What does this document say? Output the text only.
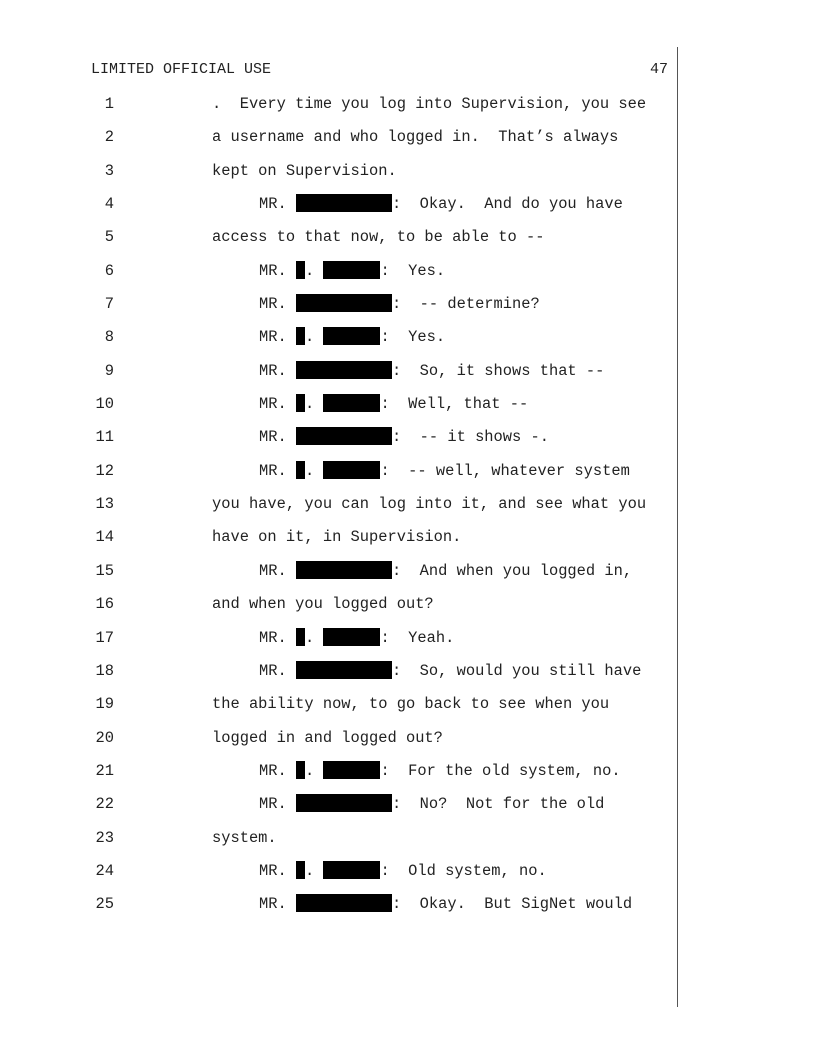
LIMITED OFFICIAL USE	47
1	.  Every time you log into Supervision, you see
2	a username and who logged in.  That’s always
3	kept on Supervision.
4	MR.	:  Okay.  And do you have
5	access to that now, to be able to --
6	MR. .	:  Yes.
7	MR.	:  -- determine?
8	MR. .	:  Yes.
9	MR.	:  So, it shows that --
10	MR. .	:  Well, that --
11	MR.	:  -- it shows -.
12	MR. .	:  -- well, whatever system
13	you have, you can log into it, and see what you
14	have on it, in Supervision.
15	MR.	:  And when you logged in,
16	and when you logged out?
17	MR. .	:  Yeah.
18	MR.	:  So, would you still have
19	the ability now, to go back to see when you
20	logged in and logged out?
21	MR. .	:  For the old system, no.
22	MR.	:  No?  Not for the old
23	system.
24	MR. .	:  Old system, no.
25	MR.	:  Okay.  But SigNet would
